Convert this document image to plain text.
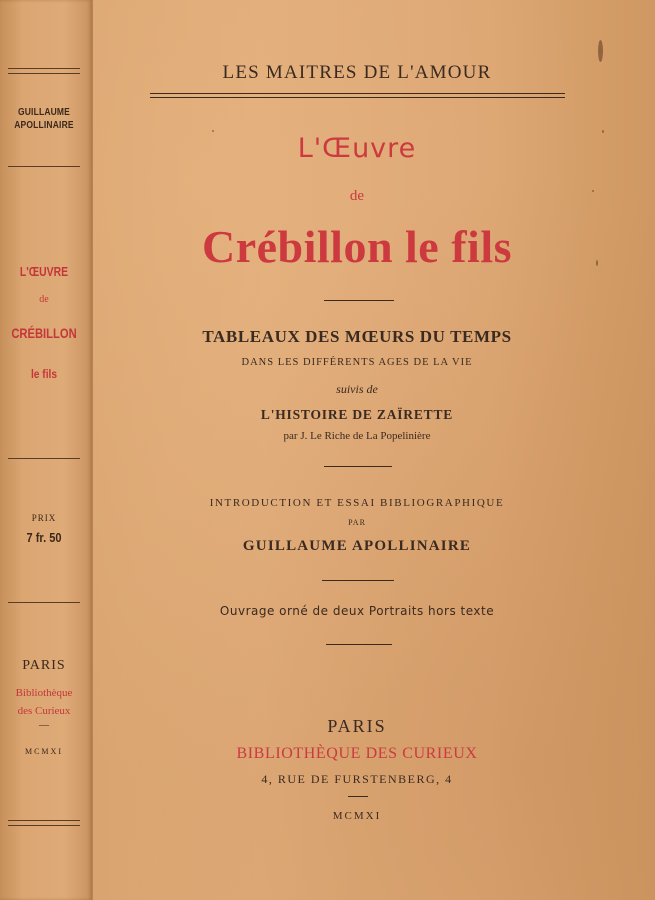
GUILLAUME
APOLLINAIRE
L'ŒUVRE
de
CRÉBILLON
le fils
PRIX
7 fr. 50
PARIS
Bibliothèque
des Curieux
—
MCMXI
LES MAITRES DE L'AMOUR
L'Œuvre
de
Crébillon le fils
TABLEAUX DES MŒURS DU TEMPS
DANS LES DIFFÉRENTS AGES DE LA VIE
suivis de
L'HISTOIRE DE ZAÏRETTE
par J. Le Riche de La Popelinière
INTRODUCTION ET ESSAI BIBLIOGRAPHIQUE
PAR
GUILLAUME APOLLINAIRE
Ouvrage orné de deux Portraits hors texte
PARIS
BIBLIOTHÈQUE DES CURIEUX
4, RUE DE FURSTENBERG, 4
MCMXI
